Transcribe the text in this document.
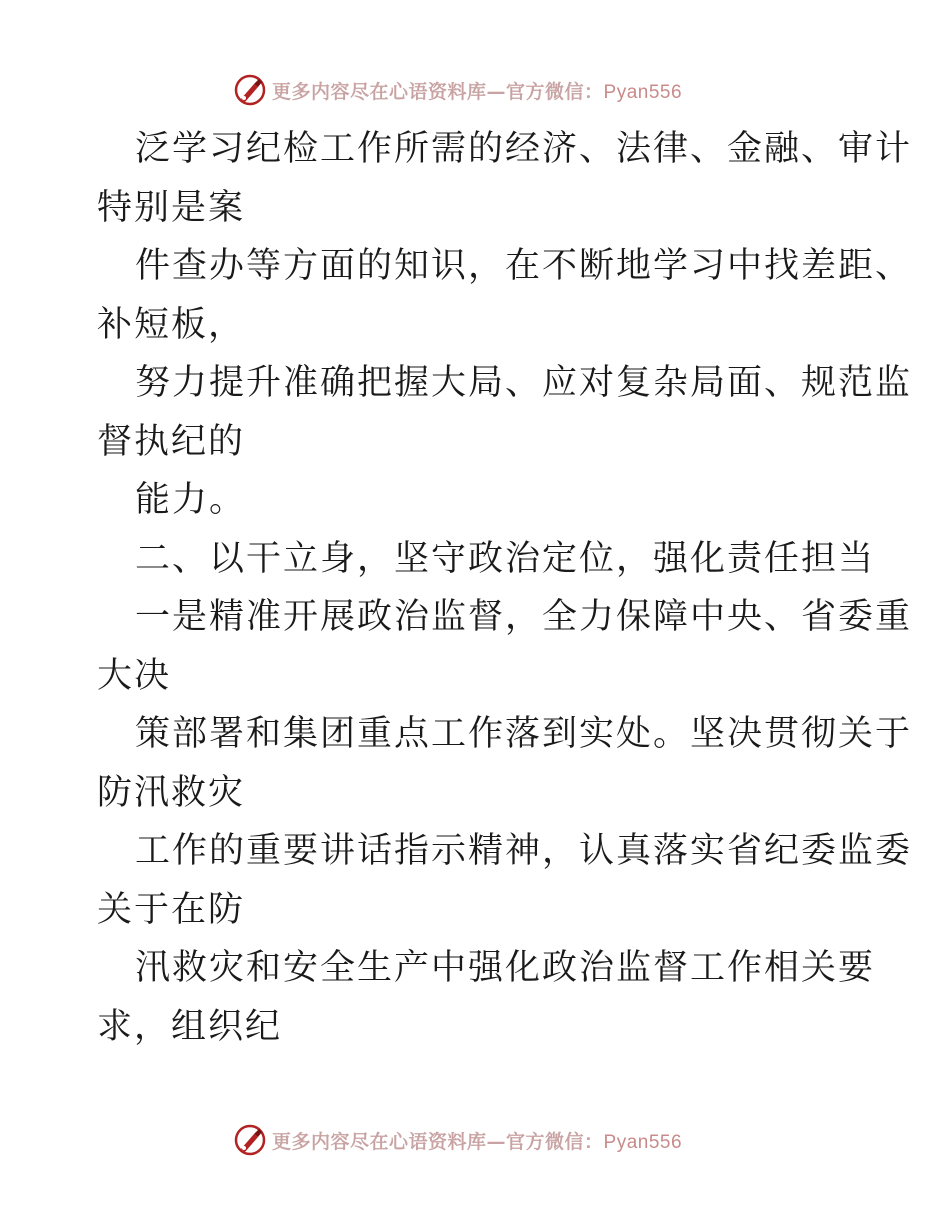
更多内容尽在心语资料库—官方微信：Pyan556
泛学习纪检工作所需的经济、法律、金融、审计
特别是案
件查办等方面的知识，在不断地学习中找差距、
补短板，
努力提升准确把握大局、应对复杂局面、规范监
督执纪的
能力。
二、以干立身，坚守政治定位，强化责任担当
一是精准开展政治监督，全力保障中央、省委重
大决
策部署和集团重点工作落到实处。坚决贯彻关于
防汛救灾
工作的重要讲话指示精神，认真落实省纪委监委
关于在防
汛救灾和安全生产中强化政治监督工作相关要
求，组织纪
更多内容尽在心语资料库—官方微信：Pyan556
